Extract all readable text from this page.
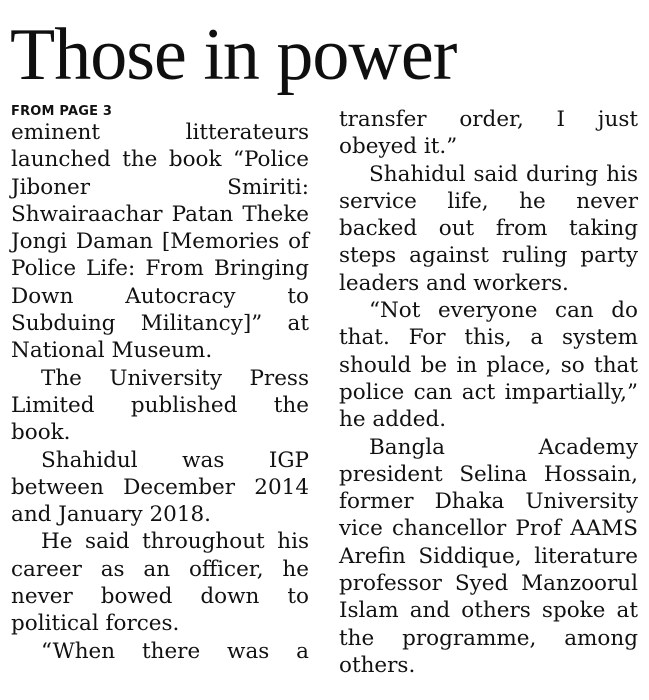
Those in power
FROM PAGE 3

eminent litterateurs launched the book “Police Jiboner Smiriti: Shwairaachar Patan Theke Jongi Daman [Memories of Police Life: From Bringing Down Autocracy to Subduing Militancy]” at National Museum.

The University Press Limited published the book.

Shahidul was IGP between December 2014 and January 2018.

He said throughout his career as an officer, he never bowed down to political forces.

“When there was a

transfer order, I just obeyed it.”

Shahidul said during his service life, he never backed out from taking steps against ruling party leaders and workers.

“Not everyone can do that. For this, a system should be in place, so that police can act impartially,” he added.

Bangla Academy president Selina Hossain, former Dhaka University vice chancellor Prof AAMS Arefin Siddique, literature professor Syed Manzoorul Islam and others spoke at the programme, among others.
